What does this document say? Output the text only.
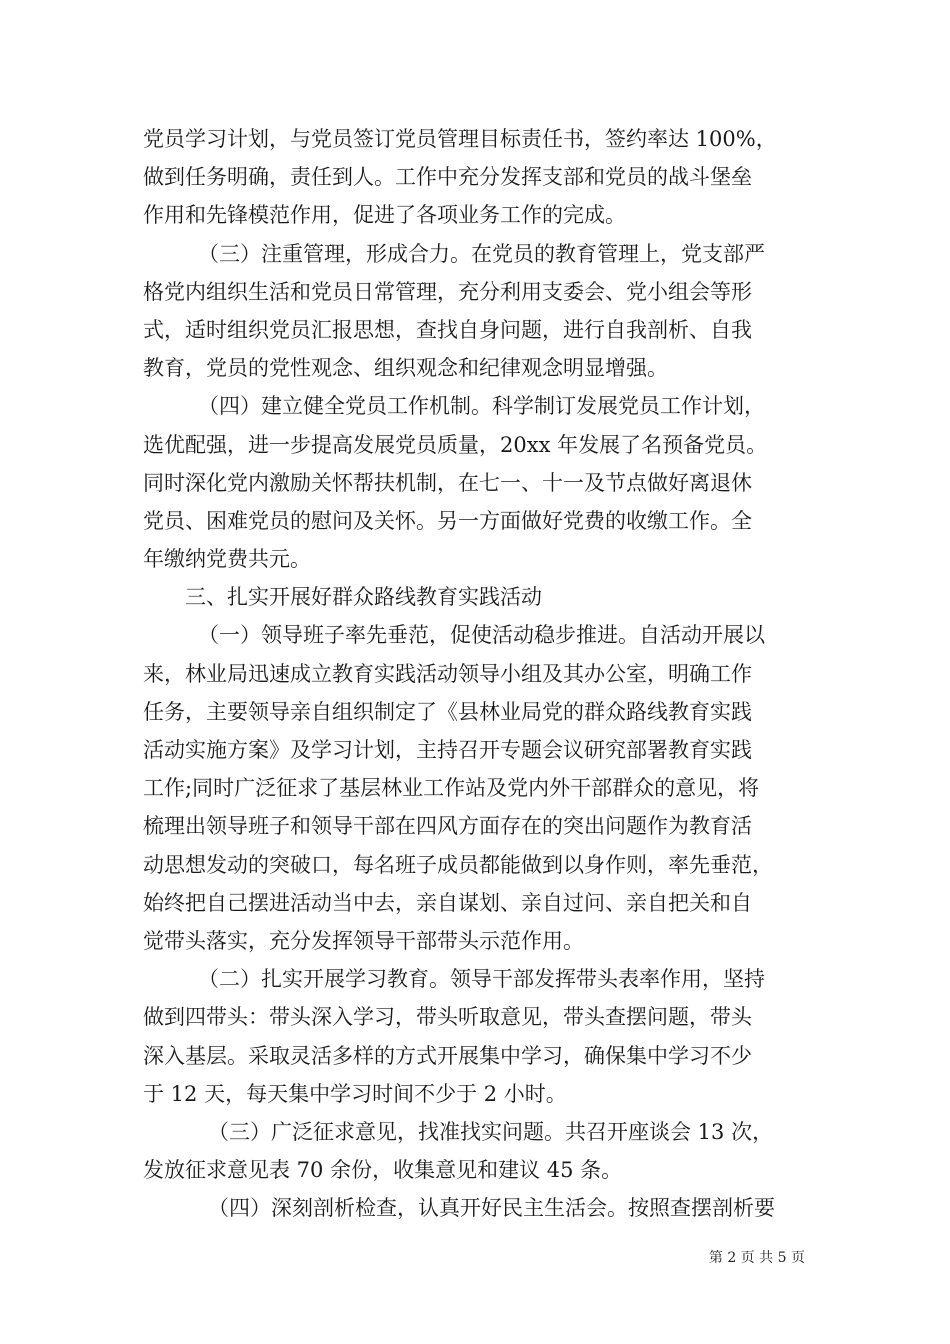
党员学习计划，与党员签订党员管理目标责任书，签约率达 100%，
做到任务明确，责任到人。工作中充分发挥支部和党员的战斗堡垒
作用和先锋模范作用，促进了各项业务工作的完成。
（三）注重管理，形成合力。在党员的教育管理上，党支部严
格党内组织生活和党员日常管理，充分利用支委会、党小组会等形
式，适时组织党员汇报思想，查找自身问题，进行自我剖析、自我
教育，党员的党性观念、组织观念和纪律观念明显增强。
（四）建立健全党员工作机制。科学制订发展党员工作计划，
选优配强，进一步提高发展党员质量，20xx 年发展了名预备党员。
同时深化党内激励关怀帮扶机制，在七一、十一及节点做好离退休
党员、困难党员的慰问及关怀。另一方面做好党费的收缴工作。全
年缴纳党费共元。
三、扎实开展好群众路线教育实践活动
（一）领导班子率先垂范，促使活动稳步推进。自活动开展以
来，林业局迅速成立教育实践活动领导小组及其办公室，明确工作
任务，主要领导亲自组织制定了《县林业局党的群众路线教育实践
活动实施方案》及学习计划，主持召开专题会议研究部署教育实践
工作;同时广泛征求了基层林业工作站及党内外干部群众的意见，将
梳理出领导班子和领导干部在四风方面存在的突出问题作为教育活
动思想发动的突破口，每名班子成员都能做到以身作则，率先垂范，
始终把自己摆进活动当中去，亲自谋划、亲自过问、亲自把关和自
觉带头落实，充分发挥领导干部带头示范作用。
（二）扎实开展学习教育。领导干部发挥带头表率作用，坚持
做到四带头：带头深入学习，带头听取意见，带头查摆问题，带头
深入基层。采取灵活多样的方式开展集中学习，确保集中学习不少
于 12 天，每天集中学习时间不少于 2 小时。
（三）广泛征求意见，找准找实问题。共召开座谈会 13 次，
发放征求意见表 70 余份，收集意见和建议 45 条。
（四）深刻剖析检查，认真开好民主生活会。按照查摆剖析要
第 2 页 共 5 页
